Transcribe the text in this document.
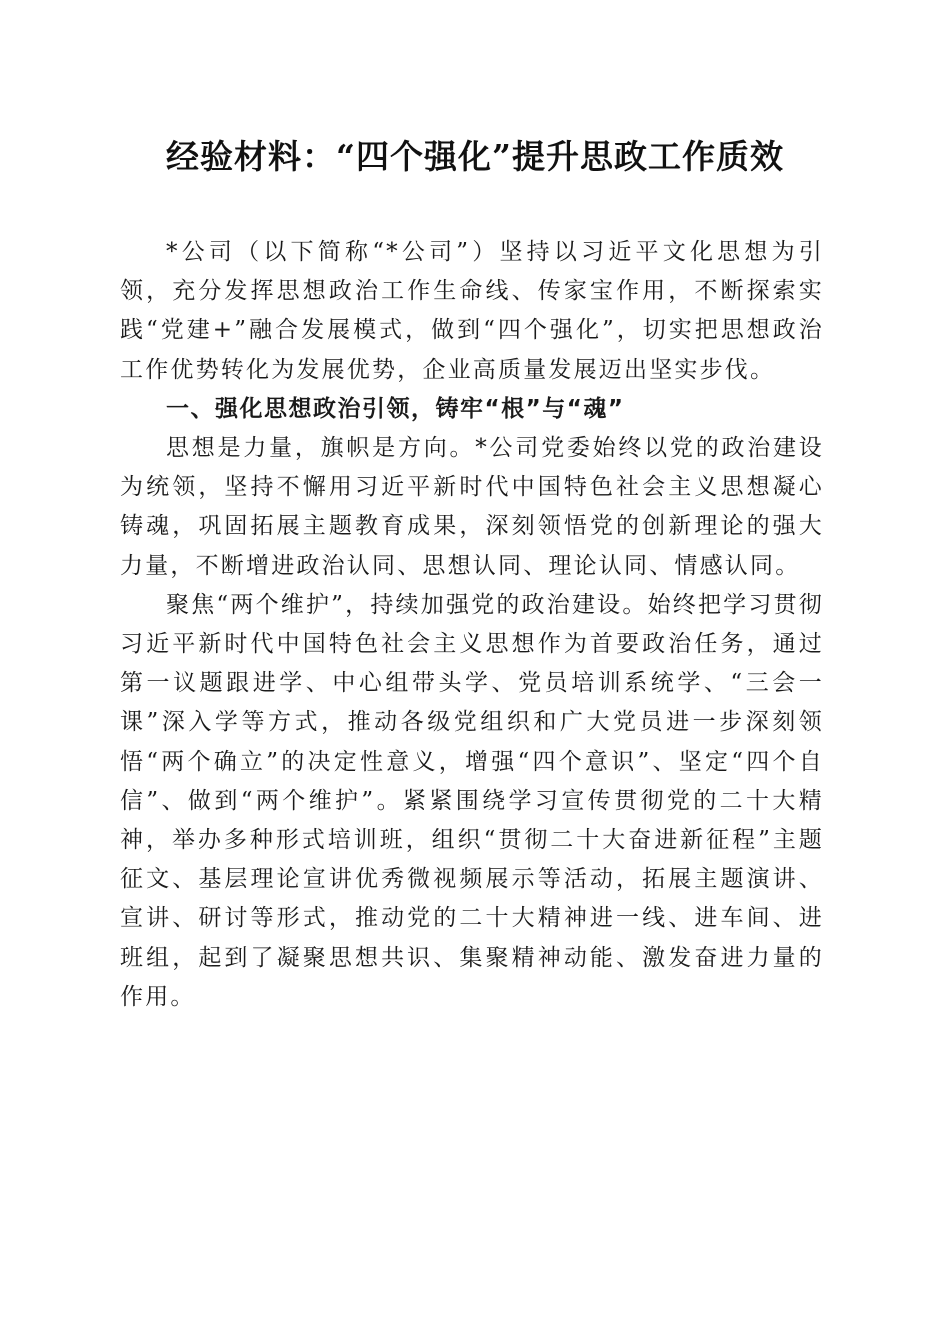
经验材料：“四个强化”提升思政工作质效

*公司（以下简称“*公司”）坚持以习近平文化思想为引领，充分发挥思想政治工作生命线、传家宝作用，不断探索实践“党建+”融合发展模式，做到“四个强化”，切实把思想政治工作优势转化为发展优势，企业高质量发展迈出坚实步伐。

一、强化思想政治引领，铸牢“根”与“魂”

思想是力量，旗帜是方向。*公司党委始终以党的政治建设为统领，坚持不懈用习近平新时代中国特色社会主义思想凝心铸魂，巩固拓展主题教育成果，深刻领悟党的创新理论的强大力量，不断增进政治认同、思想认同、理论认同、情感认同。

聚焦“两个维护”，持续加强党的政治建设。始终把学习贯彻习近平新时代中国特色社会主义思想作为首要政治任务，通过第一议题跟进学、中心组带头学、党员培训系统学、“三会一课”深入学等方式，推动各级党组织和广大党员进一步深刻领悟“两个确立”的决定性意义，增强“四个意识”、坚定“四个自信”、做到“两个维护”。紧紧围绕学习宣传贯彻党的二十大精神，举办多种形式培训班，组织“贯彻二十大奋进新征程”主题征文、基层理论宣讲优秀微视频展示等活动，拓展主题演讲、宣讲、研讨等形式，推动党的二十大精神进一线、进车间、进班组，起到了凝聚思想共识、集聚精神动能、激发奋进力量的作用。
